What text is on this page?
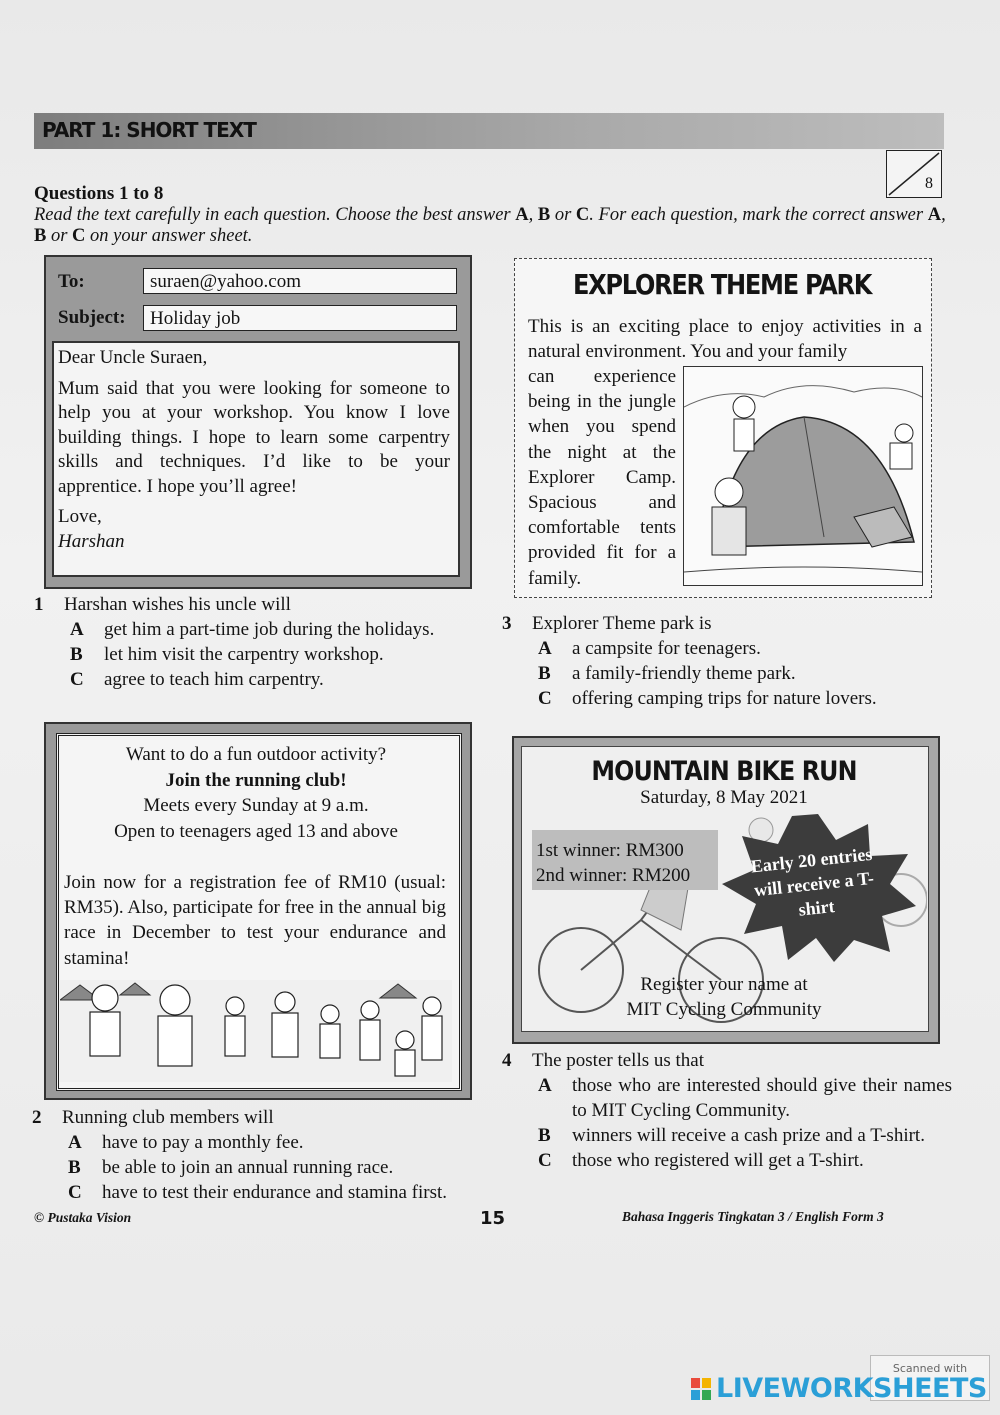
PART 1: SHORT TEXT
8
Questions 1 to 8
Read the text carefully in each question. Choose the best answer A, B or C. For each question, mark the correct answer A, B or C on your answer sheet.
To:	suraen@yahoo.com
Subject:	Holiday job

Dear Uncle Suraen,

Mum said that you were looking for someone to help you at your workshop. You know I love building things. I hope to learn some carpentry skills and techniques. I’d like to be your apprentice. I hope you’ll agree!

Love,
Harshan
1 Harshan wishes his uncle will
A get him a part-time job during the holidays.
B let him visit the carpentry workshop.
C agree to teach him carpentry.
EXPLORER THEME PARK
This is an exciting place to enjoy activities in a natural environment. You and your family
can experience being in the jungle when you spend the night at the Explorer Camp. Spacious and comfortable tents provided fit for a family.
3 Explorer Theme park is
A a campsite for teenagers.
B a family-friendly theme park.
C offering camping trips for nature lovers.
Want to do a fun outdoor activity?
Join the running club!
Meets every Sunday at 9 a.m.
Open to teenagers aged 13 and above
Join now for a registration fee of RM10 (usual: RM35). Also, participate for free in the annual big race in December to test your endurance and stamina!
2 Running club members will
A have to pay a monthly fee.
B be able to join an annual running race.
C have to test their endurance and stamina first.
Early 20 entries will receive a T-shirt
MOUNTAIN BIKE RUN
Saturday, 8 May 2021
1st winner: RM300
2nd winner: RM200
Register your name at
MIT Cycling Community
4 The poster tells us that
A	those who are interested should give their names to MIT Cycling Community.
B	winners will receive a cash prize and a T-shirt.
C	those who registered will get a T-shirt.
© Pustaka Vision	15	Bahasa Inggeris Tingkatan 3 / English Form 3
Scanned with
LIVEWORKSHEETS
